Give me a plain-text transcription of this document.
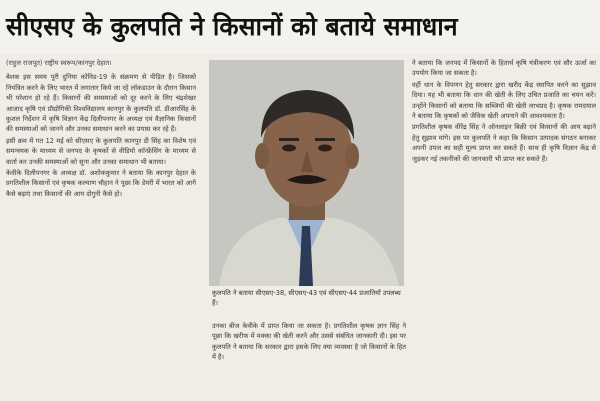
सीएसए के कुलपति ने किसानों को बताये समाधान
(राहुल राजपूत) राष्ट्रीय स्वरूप/कानपुर देहात।

बेशक इस समय पूरी दुनिया कोविड-19 के संक्रमण से पीड़ित है। जिसको नियंत्रित करने के लिए भारत में लगातार किये जा रहे लॉकडाउन के दौरान किसान भी परेशान हो रहे हैं। किसानों की समस्याओं को दूर करने के लिए चंद्रशेखर आजाद कृषि एवं प्रौद्योगिकी विश्वविद्यालय कानपुर के कुलपति डॉ. डीआरसिंह के कुशल निर्देशन में कृषि विज्ञान केंद्र दिलीपनगर के अध्यक्ष एवं वैज्ञानिक किसानों की समस्याओं को जानने और उनका समाधान करने का प्रयास कर रहे हैं।

इसी क्रम में गत 12 मई को सीएसए के कुलपति कानपुर डी सिंह का विशेष एवं समन्वयक के माध्यम से जनपद के कृषकों से वीडियो कॉन्फ्रेंसिंग के माध्यम से वार्ता कर उनकी समस्याओं को सुना और उनका समाधान भी बताया।

केवीके दिलीपनगर के अध्यक्ष डॉ. अशोककुमार ने बताया कि कानपुर देहात के प्रगतिशील किसानों एवं कृषक कल्याण चौहान ने पूछा कि डेयरी में भारत को आगे कैसे बढ़ाएं तथा किसानों की आय दोगुनी कैसे हो।

कुलपति ने बताया सीएसए-38, सीएसए-43 एवं सीएसए-44 प्रजातियाँ उपलब्ध हैं।

उनका बीज केवीके में प्राप्त किया जा सकता है। प्रगतिशील कृषक ज्ञान सिंह ने पूछा कि खरीफ में मक्का की खेती करने और उससे संबंधित जानकारी दी। इस पर कुलपति ने बताया कि सरकार द्वारा इसके लिए क्या व्यवस्था है जो किसानों के हित में है।

ने बताया कि जनपद में किसानों के हितार्थ कृषि यंत्रीकरण एवं सौर ऊर्जा का उपयोग किया जा सकता है।

वहीं धान के विपणन हेतु सरकार द्वारा खरीद केंद्र स्थापित करने का सुझाव दिया। यह भी बताया कि धान की खेती के लिए उचित प्रजाति का चयन करें। उन्होंने किसानों को बताया कि सब्जियों की खेती लाभप्रद है। कृषक रामदयाल ने बताया कि कृषकों को जैविक खेती अपनाने की आवश्यकता है।

प्रगतिशील कृषक वीरेंद्र सिंह ने ऑनलाइन बिक्री एवं किसानों की आय बढ़ाने हेतु सुझाव मांगे। इस पर कुलपति ने कहा कि किसान उत्पादक संगठन बनाकर अपनी उपज का सही मूल्य प्राप्त कर सकते हैं। साथ ही कृषि विज्ञान केंद्र से जुड़कर नई तकनीकों की जानकारी भी प्राप्त कर सकते हैं।
